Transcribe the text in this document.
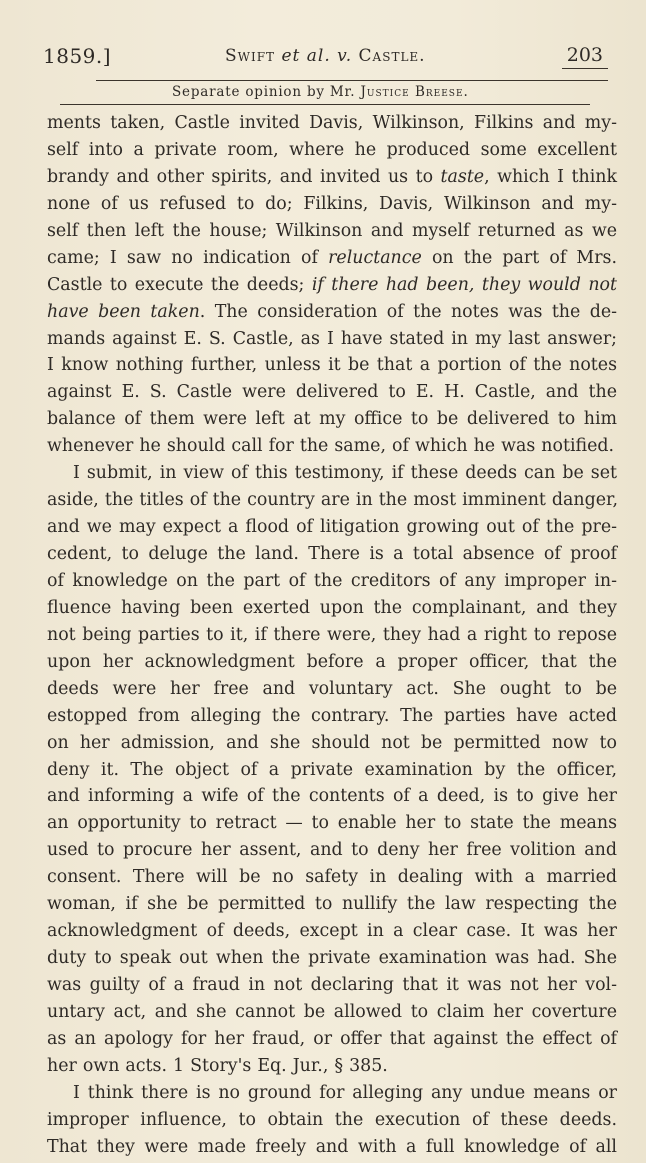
1859.]	Swift et al. v. Castle.	203
Separate opinion by Mr. Justice Breese.
ments taken, Castle invited Davis, Wilkinson, Filkins and my-
self into a private room, where he produced some excellent
brandy and other spirits, and invited us to taste, which I think
none of us refused to do; Filkins, Davis, Wilkinson and my-
self then left the house; Wilkinson and myself returned as we
came; I saw no indication of reluctance on the part of Mrs.
Castle to execute the deeds; if there had been, they would not
have been taken. The consideration of the notes was the de-
mands against E. S. Castle, as I have stated in my last answer;
I know nothing further, unless it be that a portion of the notes
against E. S. Castle were delivered to E. H. Castle, and the
balance of them were left at my office to be delivered to him
whenever he should call for the same, of which he was notified.
I submit, in view of this testimony, if these deeds can be set
aside, the titles of the country are in the most imminent danger,
and we may expect a flood of litigation growing out of the pre-
cedent, to deluge the land. There is a total absence of proof
of knowledge on the part of the creditors of any improper in-
fluence having been exerted upon the complainant, and they
not being parties to it, if there were, they had a right to repose
upon her acknowledgment before a proper officer, that the
deeds were her free and voluntary act. She ought to be
estopped from alleging the contrary. The parties have acted
on her admission, and she should not be permitted now to
deny it. The object of a private examination by the officer,
and informing a wife of the contents of a deed, is to give her
an opportunity to retract — to enable her to state the means
used to procure her assent, and to deny her free volition and
consent. There will be no safety in dealing with a married
woman, if she be permitted to nullify the law respecting the
acknowledgment of deeds, except in a clear case. It was her
duty to speak out when the private examination was had. She
was guilty of a fraud in not declaring that it was not her vol-
untary act, and she cannot be allowed to claim her coverture
as an apology for her fraud, or offer that against the effect of
her own acts. 1 Story's Eq. Jur., § 385.
I think there is no ground for alleging any undue means or
improper influence, to obtain the execution of these deeds.
That they were made freely and with a full knowledge of all
